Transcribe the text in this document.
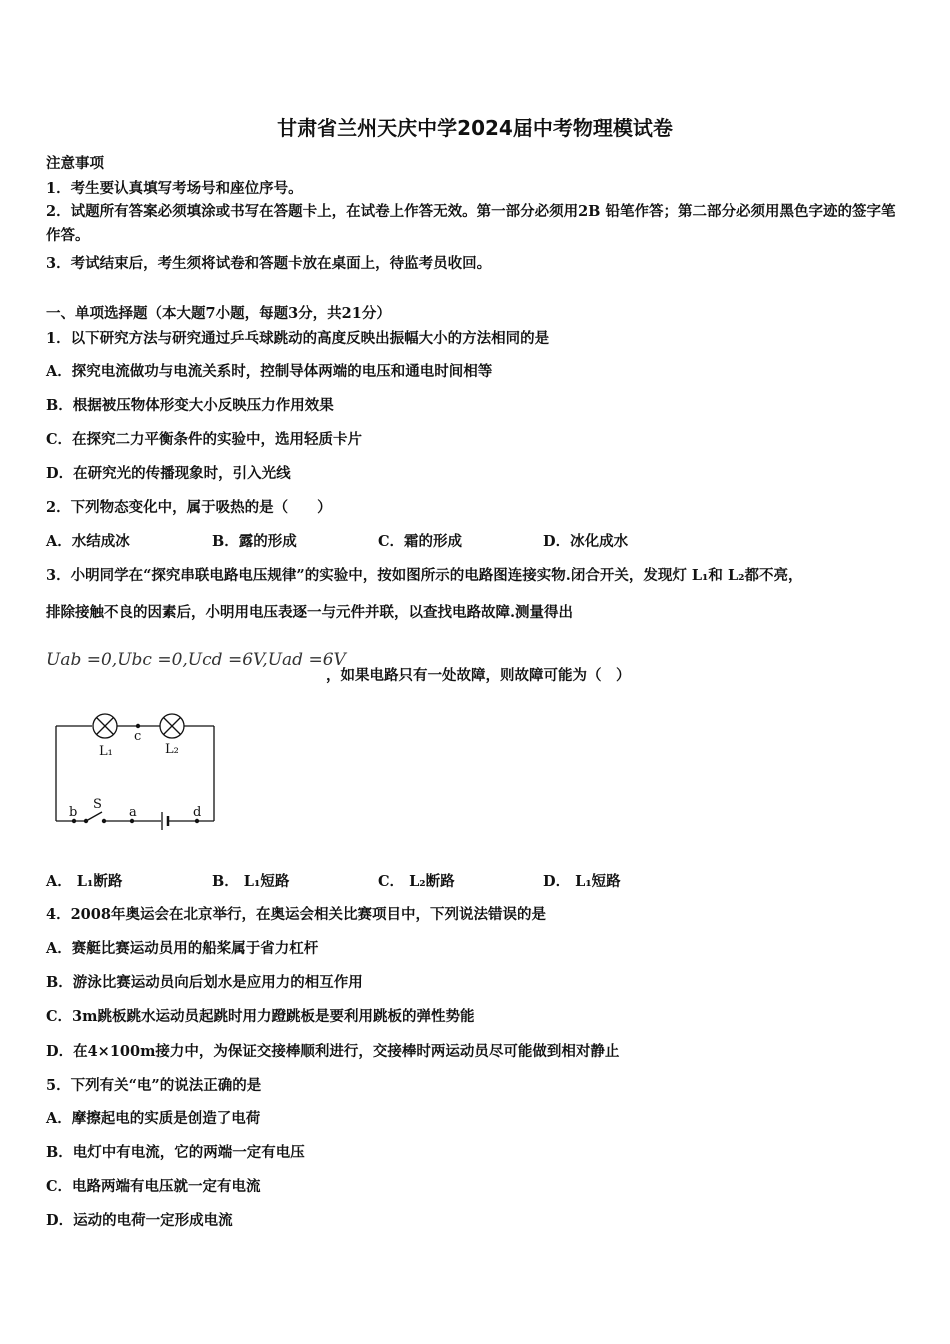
甘肃省兰州天庆中学2024届中考物理模试卷
注意事项
1．考生要认真填写考场号和座位序号。
2．试题所有答案必须填涂或书写在答题卡上，在试卷上作答无效。第一部分必须用2B 铅笔作答；第二部分必须用黑色字迹的签字笔作答。
3．考试结束后，考生须将试卷和答题卡放在桌面上，待监考员收回。
一、单项选择题（本大题7小题，每题3分，共21分）
1．以下研究方法与研究通过乒乓球跳动的高度反映出振幅大小的方法相同的是
A．探究电流做功与电流关系时，控制导体两端的电压和通电时间相等
B．根据被压物体形变大小反映压力作用效果
C．在探究二力平衡条件的实验中，选用轻质卡片
D．在研究光的传播现象时，引入光线
2．下列物态变化中，属于吸热的是（　　）
A．水结成冰	B．露的形成	C．霜的形成	D．冰化成水
3．小明同学在“探究串联电路电压规律”的实验中，按如图所示的电路图连接实物.闭合开关，发现灯 L₁和 L₂都不亮，
排除接触不良的因素后，小明用电压表逐一与元件并联，以查找电路故障.测量得出
Uab =0,Ubc =0,Ucd =6V,Uad =6V
，如果电路只有一处故障，则故障可能为（　）
L₁	L₂
c
b
S
a	d
A． L₁断路	B． L₁短路	C． L₂断路	D． L₁短路
4．2008年奥运会在北京举行，在奥运会相关比赛项目中，下列说法错误的是
A．赛艇比赛运动员用的船桨属于省力杠杆
B．游泳比赛运动员向后划水是应用力的相互作用
C．3m跳板跳水运动员起跳时用力蹬跳板是要利用跳板的弹性势能
D．在4×100m接力中，为保证交接棒顺利进行，交接棒时两运动员尽可能做到相对静止
5．下列有关“电”的说法正确的是
A．摩擦起电的实质是创造了电荷
B．电灯中有电流，它的两端一定有电压
C．电路两端有电压就一定有电流
D．运动的电荷一定形成电流
